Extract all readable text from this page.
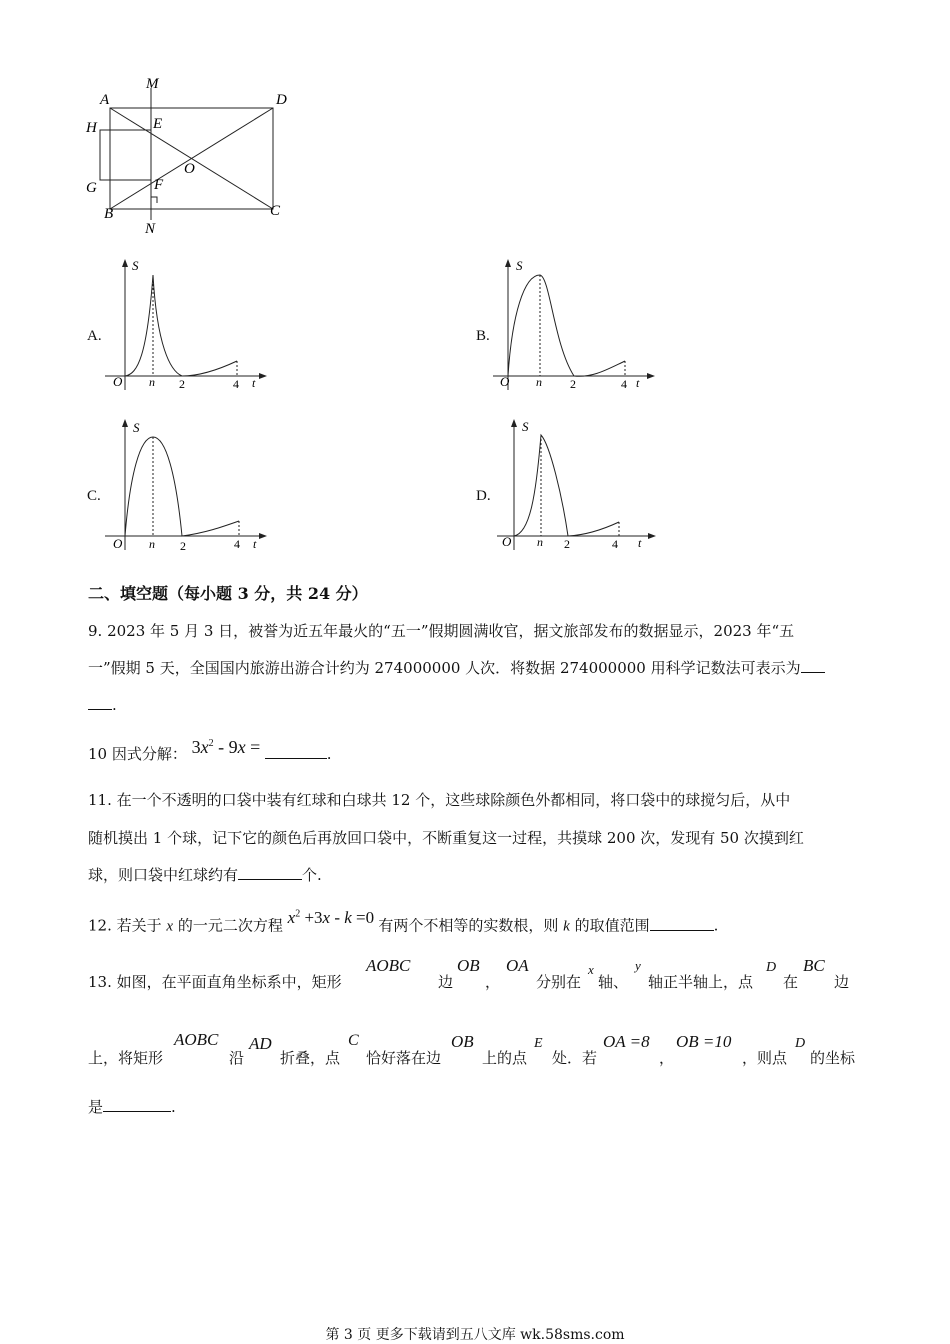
M
A	D
H	E
O
G	F
B	C
N
A.
S
O n 2	4 t
B.
S
O n 2	4 t
C.
S
O n 2	4 t
D.
S
O n 2	4 t
二、填空题（每小题 3 分，共 24 分）
9. 2023 年 5 月 3 日，被誉为近五年最火的“五一”假期圆满收官，据文旅部发布的数据显示，2023 年“五
一”假期 5 天，全国国内旅游出游合计约为 274000000 人次．将数据 274000000 用科学记数法可表示为
.
10 因式分解： $3x^2 - 9x$ =	.
11. 在一个不透明的口袋中装有红球和白球共 12 个，这些球除颜色外都相同，将口袋中的球搅匀后，从中
随机摸出 1 个球，记下它的颜色后再放回口袋中，不断重复这一过程，共摸球 200 次，发现有 50 次摸到红
球，则口袋中红球约有	个.
12. 若关于 x 的一元二次方程 $x^2 +3x - k =0$ 有两个不相等的实数根，则 k 的取值范围	.
13. 如图，在平面直角坐标系中，矩形
AOBC
边
OB
，
OA
分别在
x
轴、
y
轴正半轴上，点
D
在
BC
边
上，将矩形
AOBC
沿
AD
折叠，点
C
恰好落在边
OB
上的点
E
处．若
OA =8
，
OB =10
，则点
D
的坐标
是	.
第 3 页 更多下载请到五八文库 wk.58sms.com
